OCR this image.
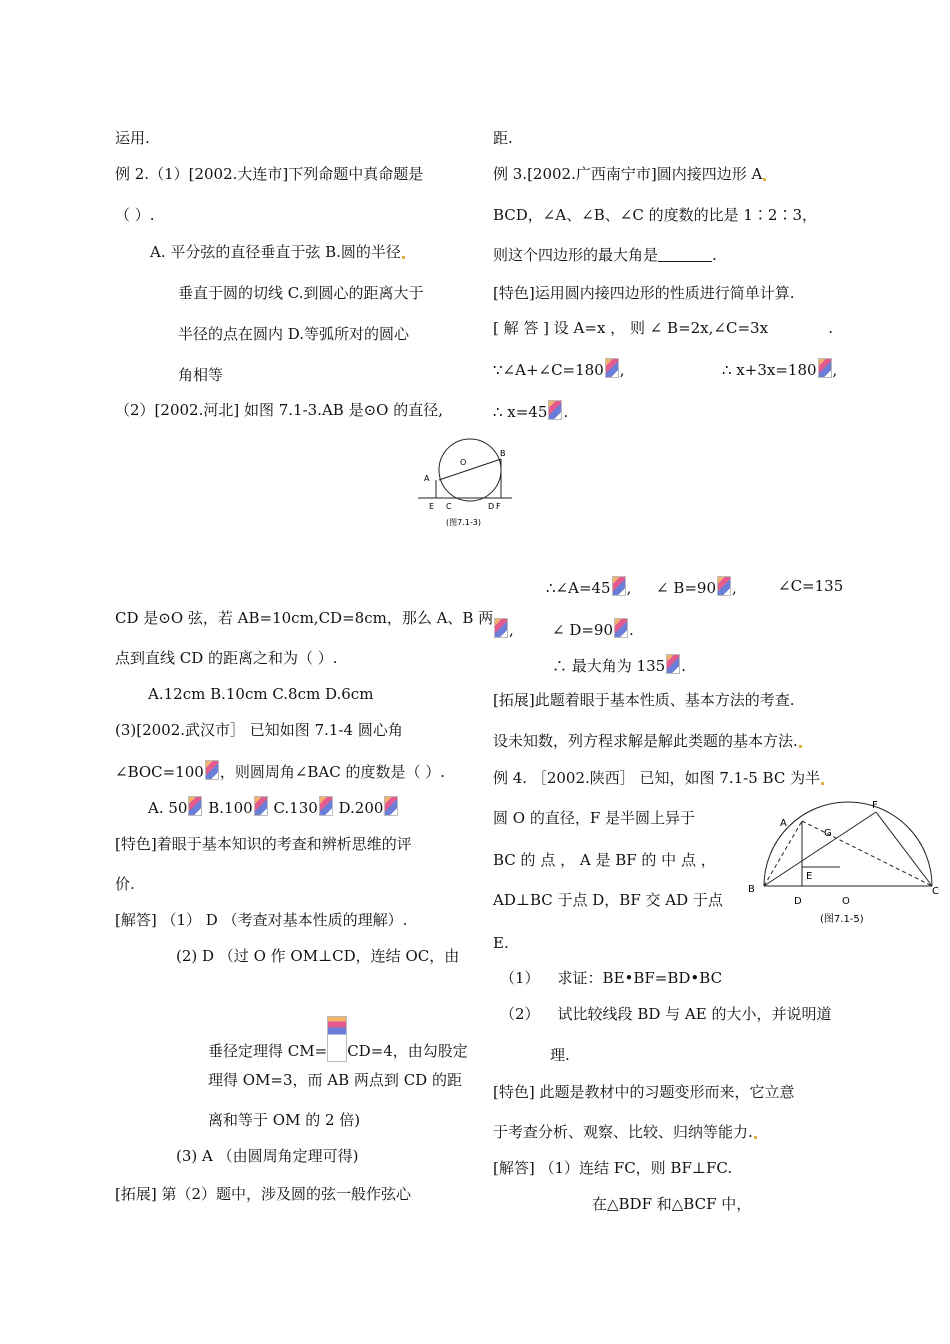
运用.
例 2.（1）[2002.大连市]下列命题中真命题是
（ ）.
A. 平分弦的直径垂直于弦 B.圆的半径
垂直于圆的切线 C.到圆心的距离大于
半径的点在圆内 D.等弧所对的圆心
角相等
（2）[2002.河北] 如图 7.1-3.AB 是⊙O 的直径,
CD 是⊙O 弦，若 AB=10cm,CD=8cm，那么 A、B 两
点到直线 CD 的距离之和为（ ）.
A.12cm B.10cm C.8cm D.6cm
(3)[2002.武汉市］ 已知如图 7.1-4 圆心角
∠BOC=100 ，则圆周角∠BAC 的度数是（ ）.
A. 50 B.100 C.130 D.200
[特色]着眼于基本知识的考查和辨析思维的评
价.
[解答] （1） D （考查对基本性质的理解）.
(2) D （过 O 作 OM⊥CD，连结 OC，由
垂径定理得 CM= CD=4，由勾股定
理得 OM=3，而 AB 两点到 CD 的距
离和等于 OM 的 2 倍)
(3) A （由圆周角定理可得)
[拓展] 第（2）题中，涉及圆的弦一般作弦心
A
B
O
E C	D F
(图7.1-3)
距.
例 3.[2002.广西南宁市]圆内接四边形 A
BCD，∠A、∠B、∠C 的度数的比是 1∶2∶3，
则这个四边形的最大角是	.
[特色]运用圆内接四边形的性质进行简单计算.
[ 解 答 ] 设 A=x ， 则 ∠ B=2x,∠C=3x	.
∵∠A+∠C=180 ,	∴ x+3x=180 ,
∴ x=45 .
∴∠A=45 , ∠ B=90 ,	∠C=135
,	∠ D=90 .
∴ 最大角为 135 .
[拓展]此题着眼于基本性质、基本方法的考查.
设未知数，列方程求解是解此类题的基本方法.
例 4. ［2002.陕西］ 已知，如图 7.1-5 BC 为半
圆 O 的直径，F 是半圆上异于
BC 的 点 ， A 是 BF 的 中 点 ，
AD⊥BC 于点 D，BF 交 AD 于点
E.
（1） 求证：BE•BF=BD•BC
（2） 试比较线段 BD 与 AE 的大小，并说明道
理.
[特色] 此题是教材中的习题变形而来，它立意
于考查分析、观察、比较、归纳等能力.
[解答] （1）连结 FC，则 BF⊥FC.
在△BDF 和△BCF 中，
A
F
G
B
E
D	O
C
(图7.1-5)
